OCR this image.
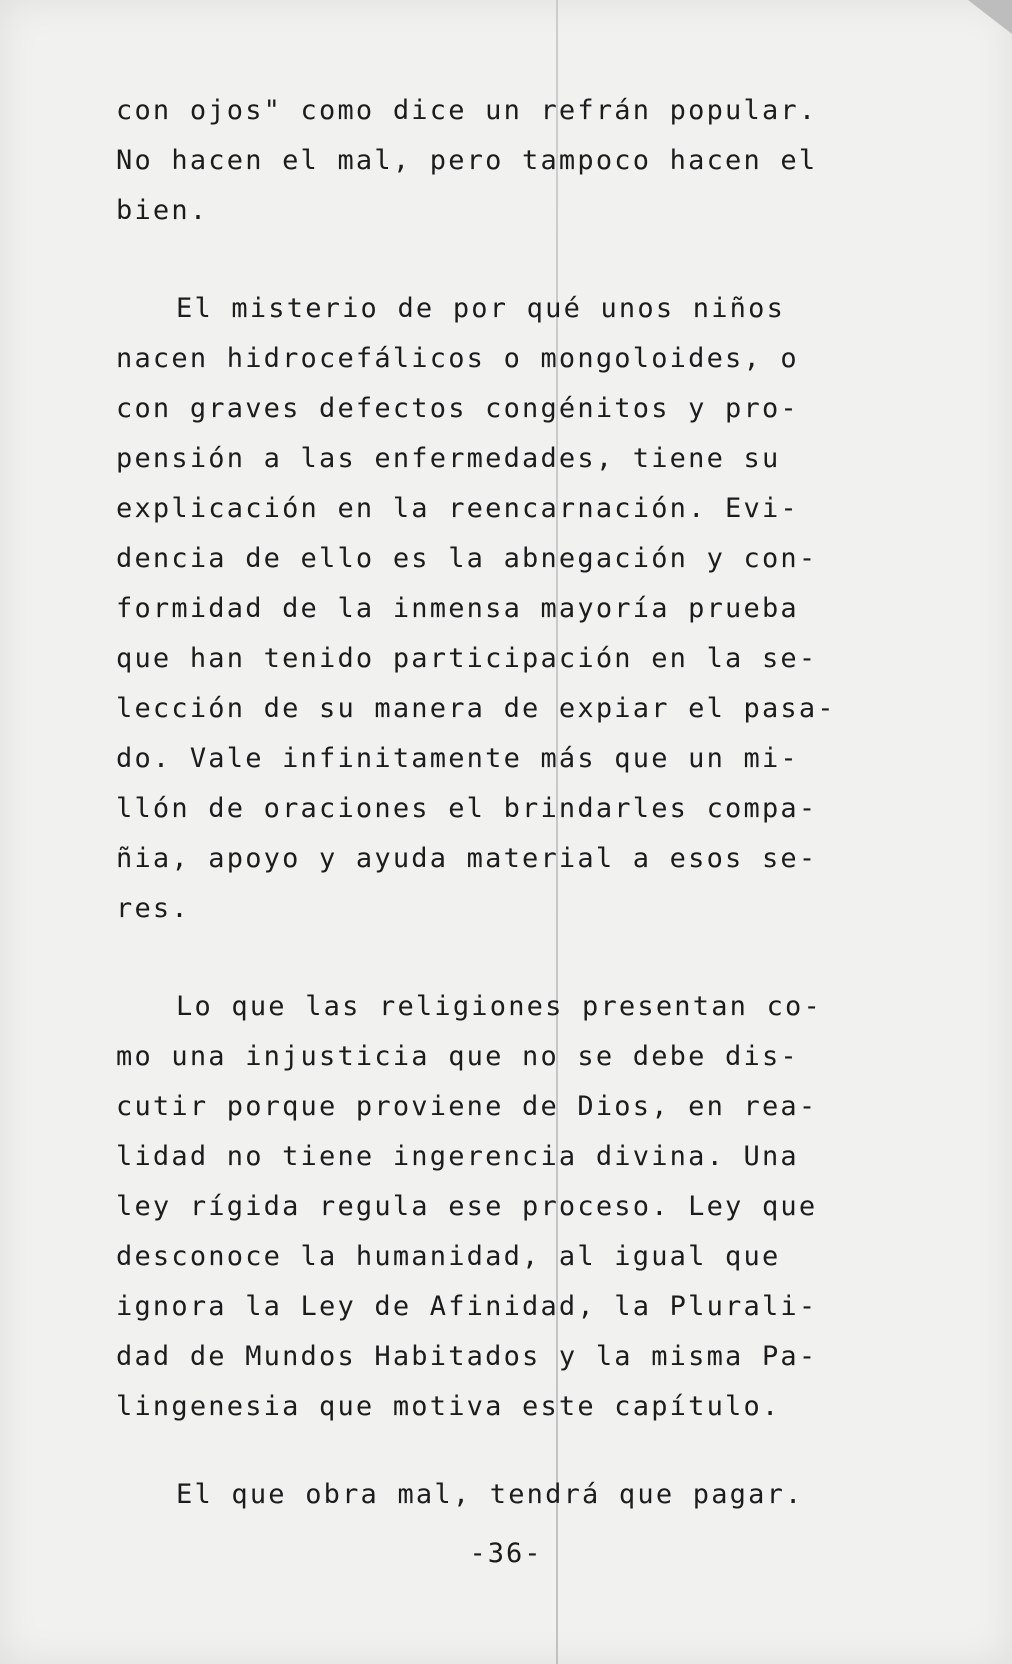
con ojos" como dice un refrán popular.
No hacen el mal, pero tampoco hacen el
bien.
El misterio de por qué unos niños
nacen hidrocefálicos o mongoloides, o
con graves defectos congénitos y pro-
pensión a las enfermedades, tiene su
explicación en la reencarnación. Evi-
dencia de ello es la abnegación y con-
formidad de la inmensa mayoría prueba
que han tenido participación en la se-
lección de su manera de expiar el pasa-
do. Vale infinitamente más que un mi-
llón de oraciones el brindarles compa-
ñia, apoyo y ayuda material a esos se-
res.
Lo que las religiones presentan co-
mo una injusticia que no se debe dis-
cutir porque proviene de Dios, en rea-
lidad no tiene ingerencia divina. Una
ley rígida regula ese proceso. Ley que
desconoce la humanidad, al igual que
ignora la Ley de Afinidad, la Plurali-
dad de Mundos Habitados y la misma Pa-
lingenesia que motiva este capítulo.
El que obra mal, tendrá que pagar.
-36-
